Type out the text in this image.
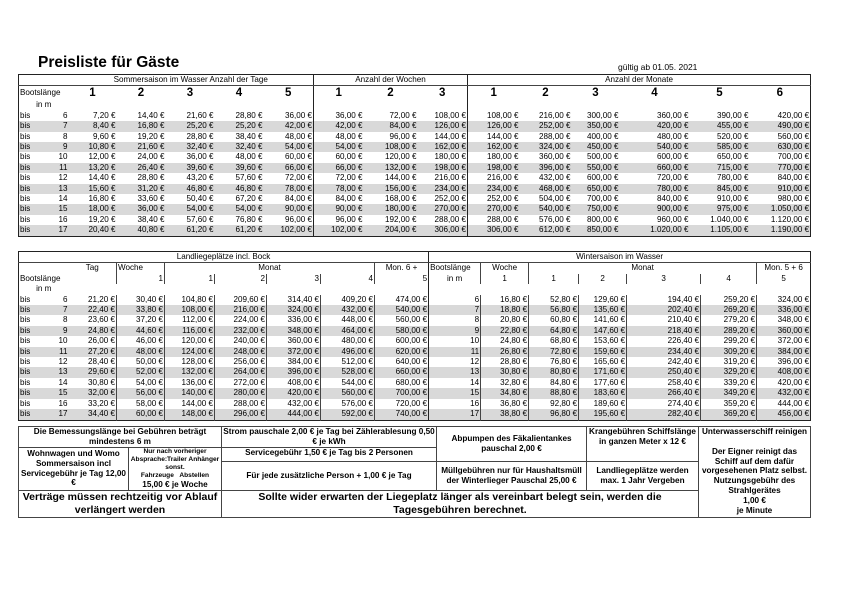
Preisliste für Gäste	gültig ab 01.05. 2021
		Sommersaison im Wasser Anzahl der Tage					Anzahl der Wochen			Anzahl der Monate					
Bootslänge		1	2	3	4	5	1	2	3	1	2	3	4	5	6
in m															
bis	6	7,20 €	14,40 €	21,60 €	28,80 €	36,00 €	36,00 €	72,00 €	108,00 €	108,00 €	216,00 €	300,00 €	360,00 €	390,00 €	420,00 €
bis	7	8,40 €	16,80 €	25,20 €	25,20 €	42,00 €	42,00 €	84,00 €	126,00 €	126,00 €	252,00 €	350,00 €	420,00 €	455,00 €	490,00 €
bis	8	9,60 €	19,20 €	28,80 €	38,40 €	48,00 €	48,00 €	96,00 €	144,00 €	144,00 €	288,00 €	400,00 €	480,00 €	520,00 €	560,00 €
bis	9	10,80 €	21,60 €	32,40 €	32,40 €	54,00 €	54,00 €	108,00 €	162,00 €	162,00 €	324,00 €	450,00 €	540,00 €	585,00 €	630,00 €
bis	10	12,00 €	24,00 €	36,00 €	48,00 €	60,00 €	60,00 €	120,00 €	180,00 €	180,00 €	360,00 €	500,00 €	600,00 €	650,00 €	700,00 €
bis	11	13,20 €	26,40 €	39,60 €	39,60 €	66,00 €	66,00 €	132,00 €	198,00 €	198,00 €	396,00 €	550,00 €	660,00 €	715,00 €	770,00 €
bis	12	14,40 €	28,80 €	43,20 €	57,60 €	72,00 €	72,00 €	144,00 €	216,00 €	216,00 €	432,00 €	600,00 €	720,00 €	780,00 €	840,00 €
bis	13	15,60 €	31,20 €	46,80 €	46,80 €	78,00 €	78,00 €	156,00 €	234,00 €	234,00 €	468,00 €	650,00 €	780,00 €	845,00 €	910,00 €
bis	14	16,80 €	33,60 €	50,40 €	67,20 €	84,00 €	84,00 €	168,00 €	252,00 €	252,00 €	504,00 €	700,00 €	840,00 €	910,00 €	980,00 €
bis	15	18,00 €	36,00 €	54,00 €	54,00 €	90,00 €	90,00 €	180,00 €	270,00 €	270,00 €	540,00 €	750,00 €	900,00 €	975,00 €	1.050,00 €
bis	16	19,20 €	38,40 €	57,60 €	76,80 €	96,00 €	96,00 €	192,00 €	288,00 €	288,00 €	576,00 €	800,00 €	960,00 €	1.040,00 €	1.120,00 €
bis	17	20,40 €	40,80 €	61,20 €	61,20 €	102,00 €	102,00 €	204,00 €	306,00 €	306,00 €	612,00 €	850,00 €	1.020,00 €	1.105,00 €	1.190,00 €
Landliegeplätze incl. Bock									Wintersaison im Wasser						
		Tag	Woche	Monat				Mon. 6 +	Bootslänge	Woche	Monat				Mon. 5 + 6
Bootslänge			1	1	2	3	4	5	in m	1	1	2	3	4	5
in m															
bis	6	21,20 €	30,40 €	104,80 €	209,60 €	314,40 €	409,20 €	474,00 €	6	16,80 €	52,80 €	129,60 €	194,40 €	259,20 €	324,00 €
bis	7	22,40 €	33,80 €	108,00 €	216,00 €	324,00 €	432,00 €	540,00 €	7	18,80 €	56,80 €	135,60 €	202,40 €	269,20 €	336,00 €
bis	8	23,60 €	37,20 €	112,00 €	224,00 €	336,00 €	448,00 €	560,00 €	8	20,80 €	60,80 €	141,60 €	210,40 €	279,20 €	348,00 €
bis	9	24,80 €	44,60 €	116,00 €	232,00 €	348,00 €	464,00 €	580,00 €	9	22,80 €	64,80 €	147,60 €	218,40 €	289,20 €	360,00 €
bis	10	26,00 €	46,00 €	120,00 €	240,00 €	360,00 €	480,00 €	600,00 €	10	24,80 €	68,80 €	153,60 €	226,40 €	299,20 €	372,00 €
bis	11	27,20 €	48,00 €	124,00 €	248,00 €	372,00 €	496,00 €	620,00 €	11	26,80 €	72,80 €	159,60 €	234,40 €	309,20 €	384,00 €
bis	12	28,40 €	50,00 €	128,00 €	256,00 €	384,00 €	512,00 €	640,00 €	12	28,80 €	76,80 €	165,60 €	242,40 €	319,20 €	396,00 €
bis	13	29,60 €	52,00 €	132,00 €	264,00 €	396,00 €	528,00 €	660,00 €	13	30,80 €	80,80 €	171,60 €	250,40 €	329,20 €	408,00 €
bis	14	30,80 €	54,00 €	136,00 €	272,00 €	408,00 €	544,00 €	680,00 €	14	32,80 €	84,80 €	177,60 €	258,40 €	339,20 €	420,00 €
bis	15	32,00 €	56,00 €	140,00 €	280,00 €	420,00 €	560,00 €	700,00 €	15	34,80 €	88,80 €	183,60 €	266,40 €	349,20 €	432,00 €
bis	16	33,20 €	58,00 €	144,00 €	288,00 €	432,00 €	576,00 €	720,00 €	16	36,80 €	92,80 €	189,60 €	274,40 €	359,20 €	444,00 €
bis	17	34,40 €	60,00 €	148,00 €	296,00 €	444,00 €	592,00 €	740,00 €	17	38,80 €	96,80 €	195,60 €	282,40 €	369,20 €	456,00 €
Die Bemessungslänge bei Gebühren beträgt mindestens 6 m		Strom pauschale 2,00 € je Tag bei Zählerablesung 0,50 € je kWh	Abpumpen des Fäkalientankes pauschal 2,00 €	Krangebühren Schiffslänge in ganzen Meter x 12 €	Unterwasserschiff reinigen
Der Eigner reinigt das Schiff auf dem dafür vorgesehenen Platz selbst. Nutzungsgebühr des Strahlgerätes
1,00 €
je Minute

Wohnwagen und Womo Sommersaison incl Servicegebühr je Tag 12,00 €	Nur nach vorheriger Absprache:Trailer Anhänger sonst.
Fahrzeuge Abstellen
15,00 € je Woche	Servicegebühr 1,50 € je Tag bis 2 Personen			
		Für jede zusätzliche Person + 1,00 € je Tag	Müllgebühren nur für Haushaltsmüll der Winterlieger Pauschal 25,00 €	Landliegeplätze werden max. 1 Jahr Vergeben	
Verträge müssen rechtzeitig vor Ablauf verlängert werden		Sollte wider erwarten der Liegeplatz länger als vereinbart belegt sein, werden die Tagesgebühren berechnet.			
